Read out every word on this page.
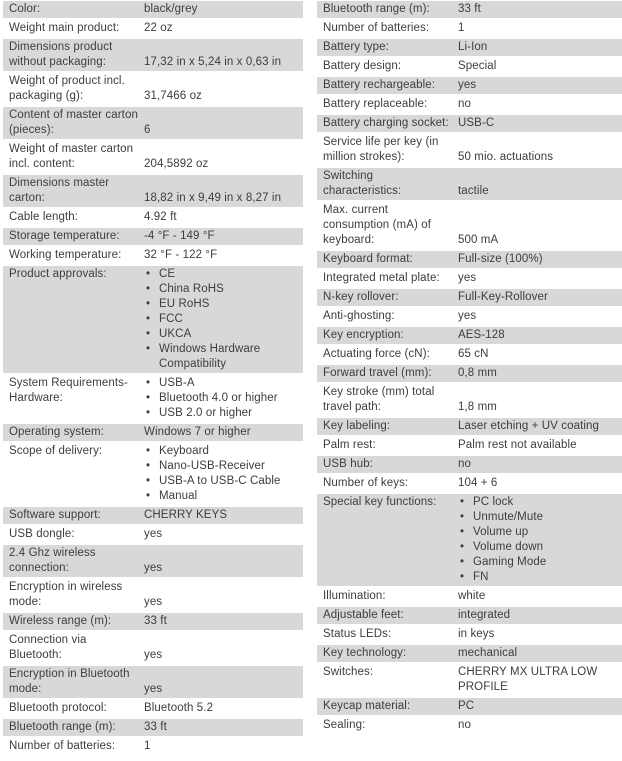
Color:	black/grey
Weight main product:	22 oz
Dimensions product without packaging:	17,32 in x 5,24 in x 0,63 in
Weight of product incl. packaging (g):	31,7466 oz
Content of master carton (pieces):	6
Weight of master carton incl. content:	204,5892 oz
Dimensions master carton:	18,82 in x 9,49 in x 8,27 in
Cable length:	4.92 ft
Storage temperature:	-4 °F - 149 °F
Working temperature:	32 °F - 122 °F
Product approvals:	• CE
• China RoHS
• EU RoHS
• FCC
• UKCA
• Windows Hardware Compatibility
System Requirements- Hardware:
• USB-A
• Bluetooth 4.0 or higher
• USB 2.0 or higher
Operating system:	Windows 7 or higher
Scope of delivery:	• Keyboard
• Nano-USB-Receiver
• USB-A to USB-C Cable
• Manual
Software support:	CHERRY KEYS
USB dongle:	yes
2.4 Ghz wireless connection:	yes
Encryption in wireless mode:	yes
Wireless range (m):	33 ft
Connection via Bluetooth:	yes
Encryption in Bluetooth mode:	yes
Bluetooth protocol:	Bluetooth 5.2
Bluetooth range (m):	33 ft
Number of batteries:	1
Bluetooth range (m):	33 ft
Number of batteries:	1
Battery type:	Li-Ion
Battery design:	Special
Battery rechargeable:	yes
Battery replaceable:	no
Battery charging socket: USB-C
Service life per key (in million strokes):	50 mio. actuations
Switching characteristics:	tactile
Max. current consumption (mA) of keyboard:	500 mA
Keyboard format:	Full-size (100%)
Integrated metal plate:	yes
N-key rollover:	Full-Key-Rollover
Anti-ghosting:	yes
Key encryption:	AES-128
Actuating force (cN):	65 cN
Forward travel (mm):	0,8 mm
Key stroke (mm) total travel path:	1,8 mm
Key labeling:	Laser etching + UV coating
Palm rest:	Palm rest not available
USB hub:	no
Number of keys:	104 + 6
Special key functions:	• PC lock
• Unmute/Mute
• Volume up
• Volume down
• Gaming Mode
• FN
Illumination:	white
Adjustable feet:	integrated
Status LEDs:	in keys
Key technology:	mechanical
Switches:	CHERRY MX ULTRA LOW PROFILE
Keycap material:	PC
Sealing:	no
